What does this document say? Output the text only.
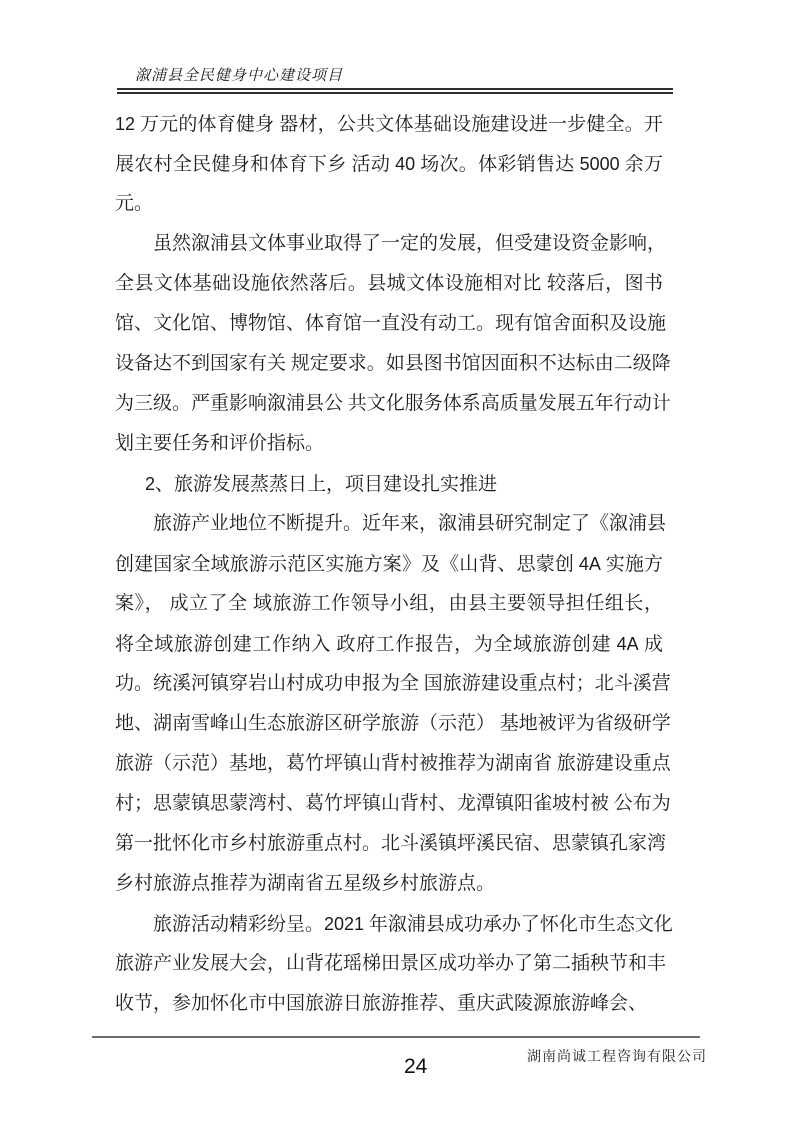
溆浦县全民健身中心建设项目
12 万元的体育健身 器材，公共文体基础设施建设进一步健全。开
展农村全民健身和体育下乡 活动 40 场次。体彩销售达 5000 余万
元。
虽然溆浦县文体事业取得了一定的发展，但受建设资金影响，
全县文体基础设施依然落后。县城文体设施相对比 较落后，图书
馆、文化馆、博物馆、体育馆一直没有动工。现有馆舍面积及设施
设备达不到国家有关 规定要求。如县图书馆因面积不达标由二级降
为三级。严重影响溆浦县公 共文化服务体系高质量发展五年行动计
划主要任务和评价指标。
2、旅游发展蒸蒸日上，项目建设扎实推进
旅游产业地位不断提升。近年来，溆浦县研究制定了《溆浦县
创建国家全域旅游示范区实施方案》及《山背、思蒙创 4A 实施方
案》， 成立了全 域旅游工作领导小组，由县主要领导担任组长，
将全域旅游创建工作纳入 政府工作报告，为全域旅游创建 4A 成
功。统溪河镇穿岩山村成功申报为全 国旅游建设重点村；北斗溪营
地、湖南雪峰山生态旅游区研学旅游（示范） 基地被评为省级研学
旅游（示范）基地，葛竹坪镇山背村被推荐为湖南省 旅游建设重点
村；思蒙镇思蒙湾村、葛竹坪镇山背村、龙潭镇阳雀坡村被 公布为
第一批怀化市乡村旅游重点村。北斗溪镇坪溪民宿、思蒙镇孔家湾
乡村旅游点推荐为湖南省五星级乡村旅游点。
旅游活动精彩纷呈。2021 年溆浦县成功承办了怀化市生态文化
旅游产业发展大会，山背花瑶梯田景区成功举办了第二插秧节和丰
收节，参加怀化市中国旅游日旅游推荐、重庆武陵源旅游峰会、
湖南尚诚工程咨询有限公司
24
